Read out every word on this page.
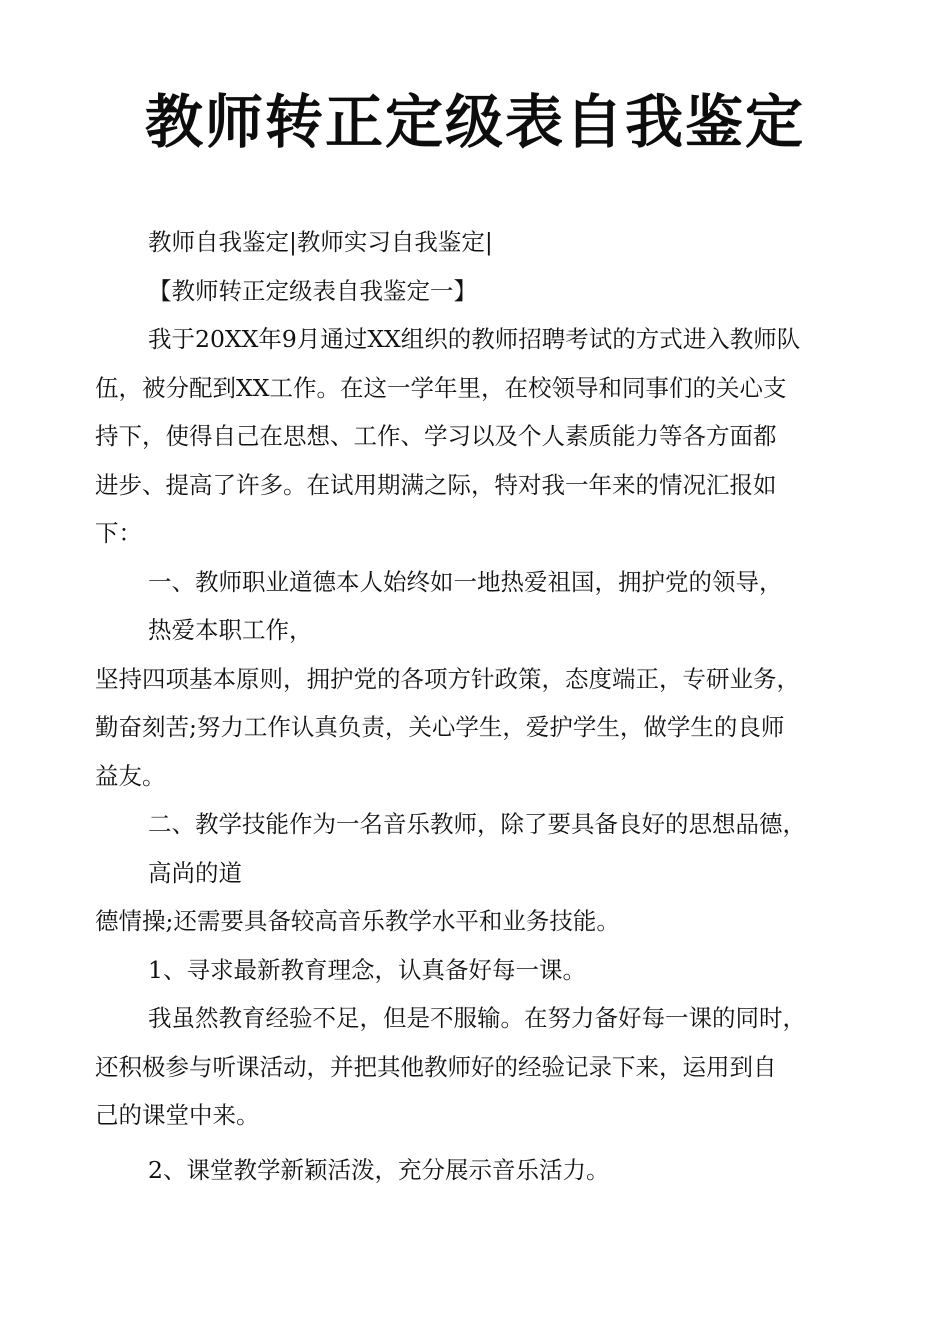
教师转正定级表自我鉴定
教师自我鉴定|教师实习自我鉴定|
【教师转正定级表自我鉴定一】
我于20XX年9月通过XX组织的教师招聘考试的方式进入教师队
伍，被分配到XX工作。在这一学年里，在校领导和同事们的关心支
持下，使得自己在思想、工作、学习以及个人素质能力等各方面都
进步、提高了许多。在试用期满之际，特对我一年来的情况汇报如
下：
一、教师职业道德本人始终如一地热爱祖国，拥护党的领导，
热爱本职工作，
坚持四项基本原则，拥护党的各项方针政策，态度端正，专研业务，
勤奋刻苦;努力工作认真负责，关心学生，爱护学生，做学生的良师
益友。
二、教学技能作为一名音乐教师，除了要具备良好的思想品德，
高尚的道
德情操;还需要具备较高音乐教学水平和业务技能。
1、寻求最新教育理念，认真备好每一课。
我虽然教育经验不足，但是不服输。在努力备好每一课的同时，
还积极参与听课活动，并把其他教师好的经验记录下来，运用到自
己的课堂中来。
2、课堂教学新颖活泼，充分展示音乐活力。
